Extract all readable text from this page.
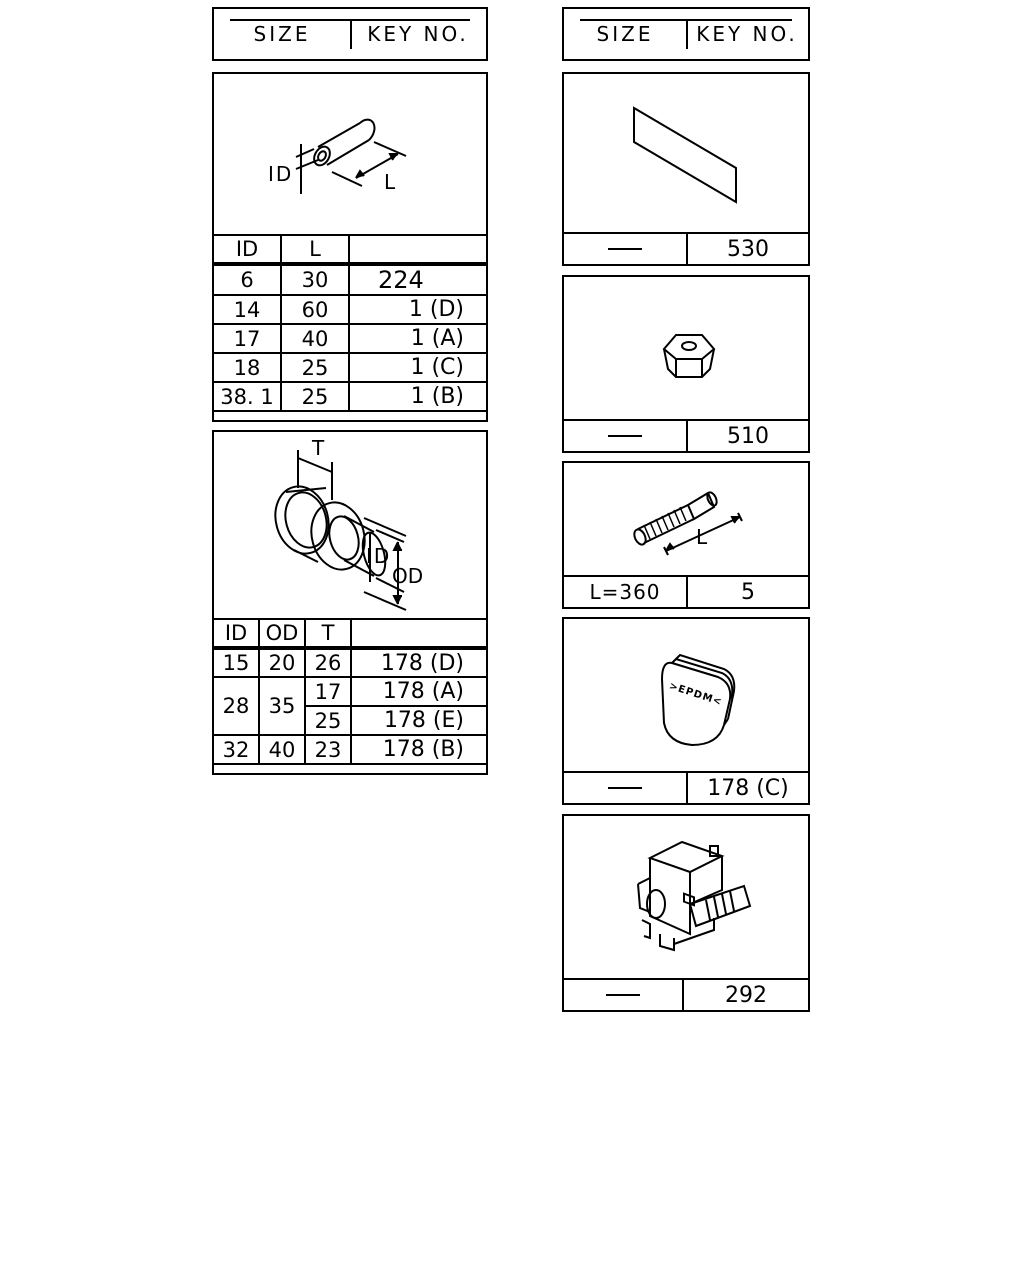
SIZE	KEY NO.	SIZE	KEY NO.
ID	L
ID	L	
6	30	224
14	60	1 (D)
17	40	1 (A)
18	25	1 (C)
38. 1	25	1 (B)
T
ID
OD
ID	OD	T	
15	20	26	178 (D)
28	35	17	178 (A)
		25	178 (E)
32	40	23	178 (B)
530
510
L
L=360	5
>EPDM<
178 (C)
292
